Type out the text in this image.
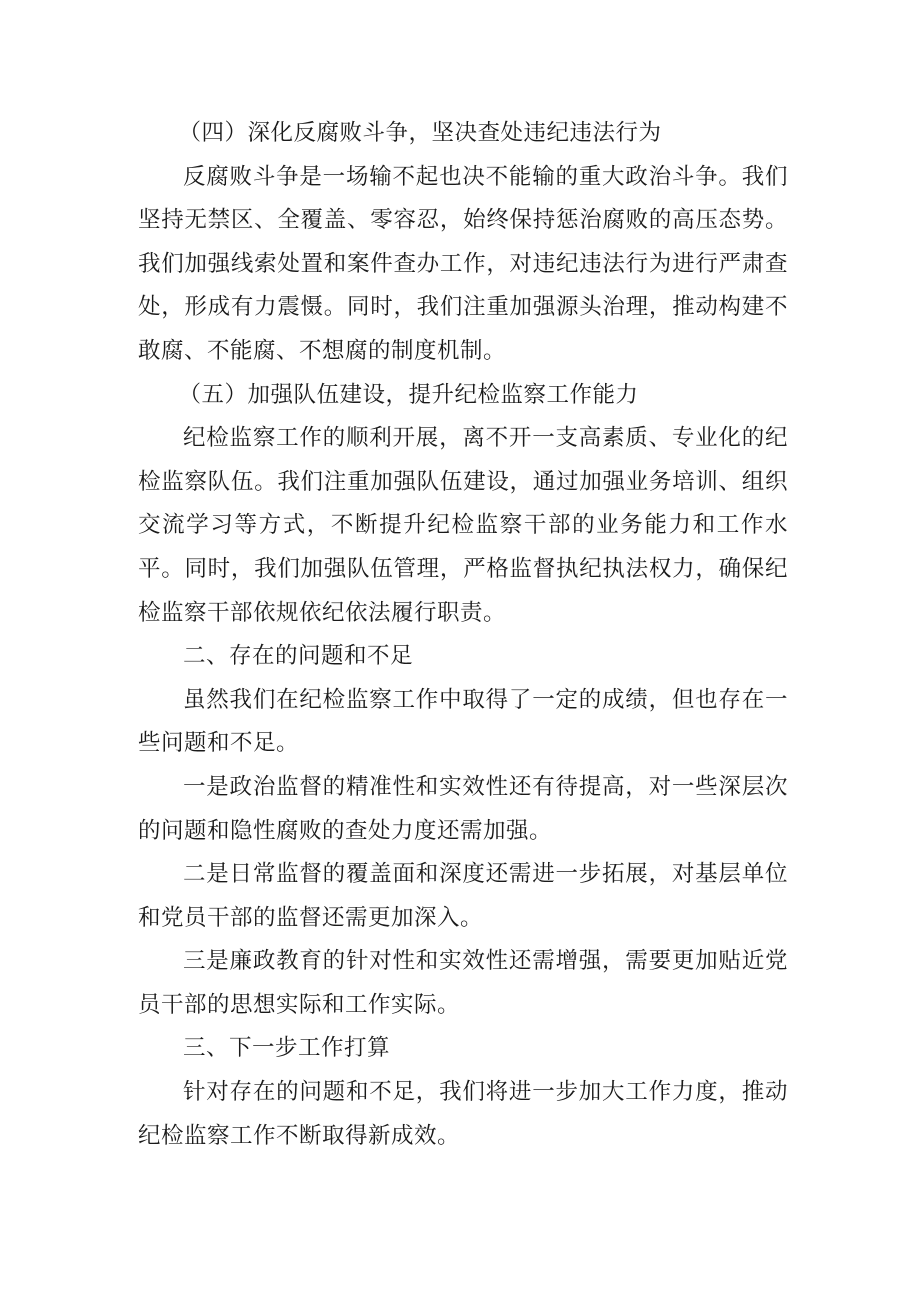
（四）深化反腐败斗争，坚决查处违纪违法行为

反腐败斗争是一场输不起也决不能输的重大政治斗争。我们坚持无禁区、全覆盖、零容忍，始终保持惩治腐败的高压态势。我们加强线索处置和案件查办工作，对违纪违法行为进行严肃查处，形成有力震慑。同时，我们注重加强源头治理，推动构建不敢腐、不能腐、不想腐的制度机制。

（五）加强队伍建设，提升纪检监察工作能力

纪检监察工作的顺利开展，离不开一支高素质、专业化的纪检监察队伍。我们注重加强队伍建设，通过加强业务培训、组织交流学习等方式，不断提升纪检监察干部的业务能力和工作水平。同时，我们加强队伍管理，严格监督执纪执法权力，确保纪检监察干部依规依纪依法履行职责。

二、存在的问题和不足

虽然我们在纪检监察工作中取得了一定的成绩，但也存在一些问题和不足。

一是政治监督的精准性和实效性还有待提高，对一些深层次的问题和隐性腐败的查处力度还需加强。

二是日常监督的覆盖面和深度还需进一步拓展，对基层单位和党员干部的监督还需更加深入。

三是廉政教育的针对性和实效性还需增强，需要更加贴近党员干部的思想实际和工作实际。

三、下一步工作打算

针对存在的问题和不足，我们将进一步加大工作力度，推动纪检监察工作不断取得新成效。
